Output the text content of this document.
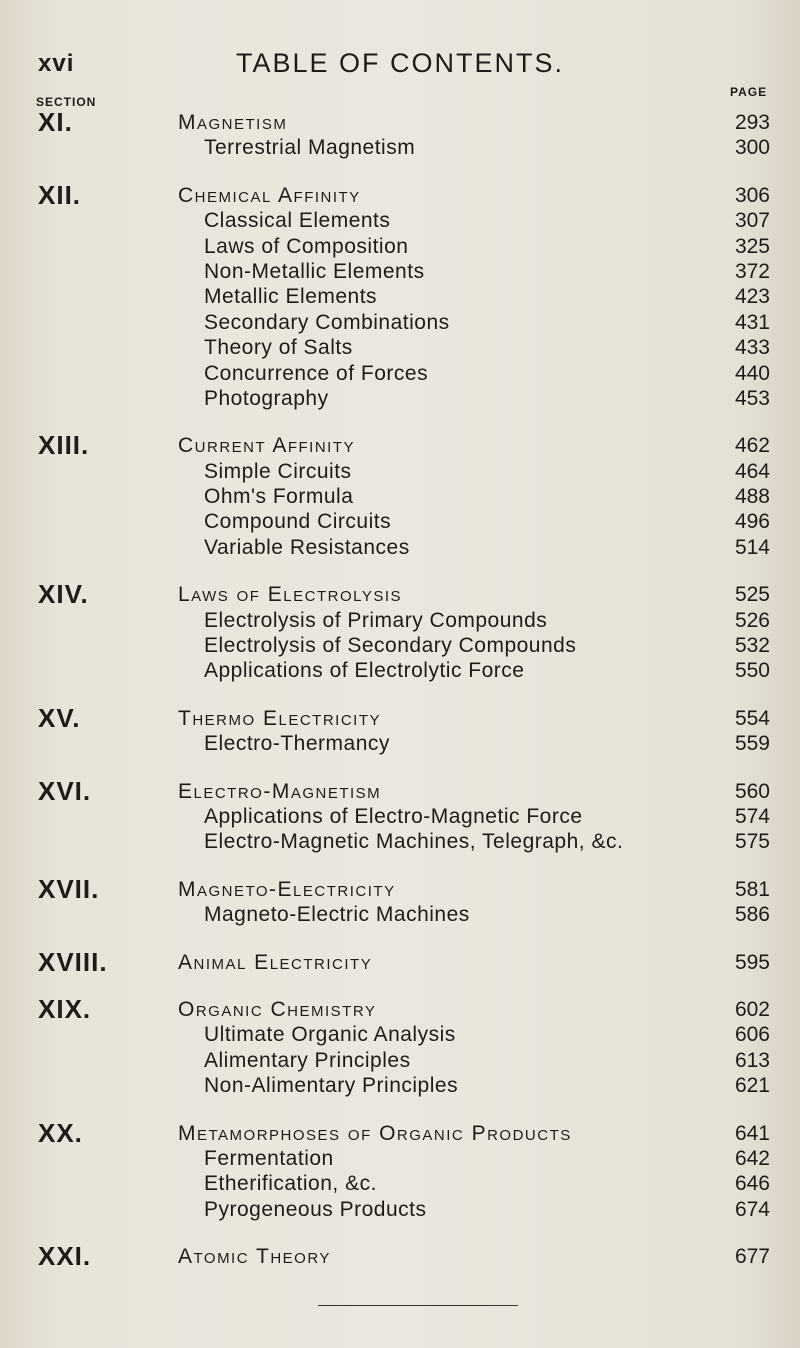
xvi	TABLE OF CONTENTS.
SECTION
PAGE
XI.	Magnetism	293
Terrestrial Magnetism	300
XII.	Chemical Affinity	306
Classical Elements	307
Laws of Composition	325
Non-Metallic Elements	372
Metallic Elements	423
Secondary Combinations	431
Theory of Salts	433
Concurrence of Forces	440
Photography	453
XIII.	Current Affinity	462
Simple Circuits	464
Ohm's Formula	488
Compound Circuits	496
Variable Resistances	514
XIV.	Laws of Electrolysis	525
Electrolysis of Primary Compounds	526
Electrolysis of Secondary Compounds	532
Applications of Electrolytic Force	550
XV.	Thermo Electricity	554
Electro-Thermancy	559
XVI.	Electro-Magnetism	560
Applications of Electro-Magnetic Force	574
Electro-Magnetic Machines, Telegraph, &c.	575
XVII.	Magneto-Electricity	581
Magneto-Electric Machines	586
XVIII.	Animal Electricity	595
XIX.	Organic Chemistry	602
Ultimate Organic Analysis	606
Alimentary Principles	613
Non-Alimentary Principles	621
XX.	Metamorphoses of Organic Products	641
Fermentation	642
Etherification, &c.	646
Pyrogeneous Products	674
XXI.	Atomic Theory	677
